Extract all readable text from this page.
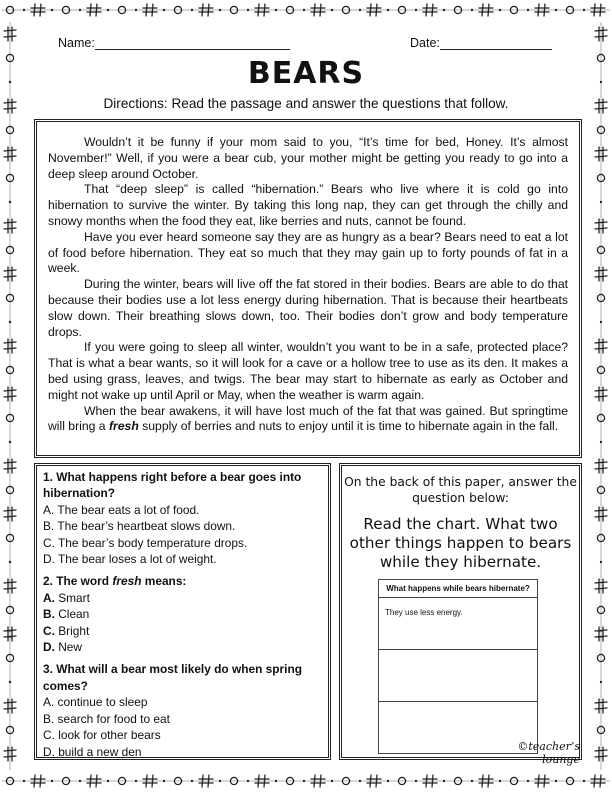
Name:	Date:
BEARS
Directions: Read the passage and answer the questions that follow.

Wouldn’t it be funny if your mom said to you, “It’s time for bed, Honey. It’s almost November!” Well, if you were a bear cub, your mother might be getting you ready to go into a deep sleep around October.

That “deep sleep” is called “hibernation.” Bears who live where it is cold go into hibernation to survive the winter. By taking this long nap, they can get through the chilly and snowy months when the food they eat, like berries and nuts, cannot be found.

Have you ever heard someone say they are as hungry as a bear? Bears need to eat a lot of food before hibernation. They eat so much that they may gain up to forty pounds of fat in a week.

During the winter, bears will live off the fat stored in their bodies. Bears are able to do that because their bodies use a lot less energy during hibernation. That is because their heartbeats slow down. Their breathing slows down, too. Their bodies don’t grow and body temperature drops.

If you were going to sleep all winter, wouldn’t you want to be in a safe, protected place? That is what a bear wants, so it will look for a cave or a hollow tree to use as its den. It makes a bed using grass, leaves, and twigs. The bear may start to hibernate as early as October and might not wake up until April or May, when the weather is warm again.

When the bear awakens, it will have lost much of the fat that was gained. But springtime will bring a fresh supply of berries and nuts to enjoy until it is time to hibernate again in the fall.

1. What happens right before a bear goes into hibernation?
A. The bear eats a lot of food.
B. The bear’s heartbeat slows down.
C. The bear’s body temperature drops.
D. The bear loses a lot of weight.
2. The word fresh means:
A. Smart
B. Clean
C. Bright
D. New
3. What will a bear most likely do when spring comes?
A. continue to sleep
B. search for food to eat
C. look for other bears
D. build a new den
On the back of this paper, answer the question below:
Read the chart. What two other things happen to bears while they hibernate.
What happens while bears hibernate?
They use less energy.

©teacher’s lounge
